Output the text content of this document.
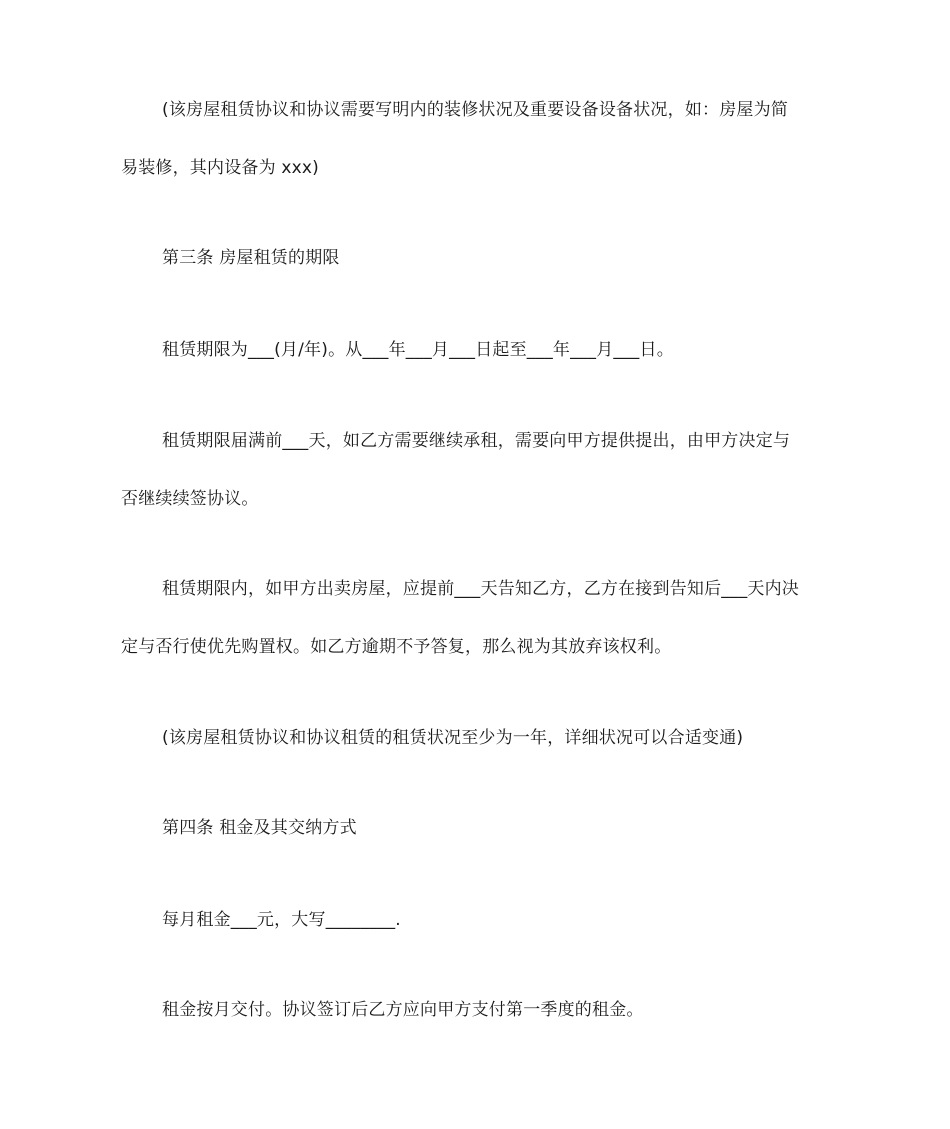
(该房屋租赁协议和协议需要写明内的装修状况及重要设备设备状况，如：房屋为简
易装修，其内设备为 xxx)
第三条 房屋租赁的期限
租赁期限为___(月/年)。从___年___月___日起至___年___月___日。
租赁期限届满前___天，如乙方需要继续承租，需要向甲方提供提出，由甲方决定与
否继续续签协议。
租赁期限内，如甲方出卖房屋，应提前___天告知乙方，乙方在接到告知后___天内决
定与否行使优先购置权。如乙方逾期不予答复，那么视为其放弃该权利。
(该房屋租赁协议和协议租赁的租赁状况至少为一年，详细状况可以合适变通)
第四条 租金及其交纳方式
每月租金___元，大写________.
租金按月交付。协议签订后乙方应向甲方支付第一季度的租金。
